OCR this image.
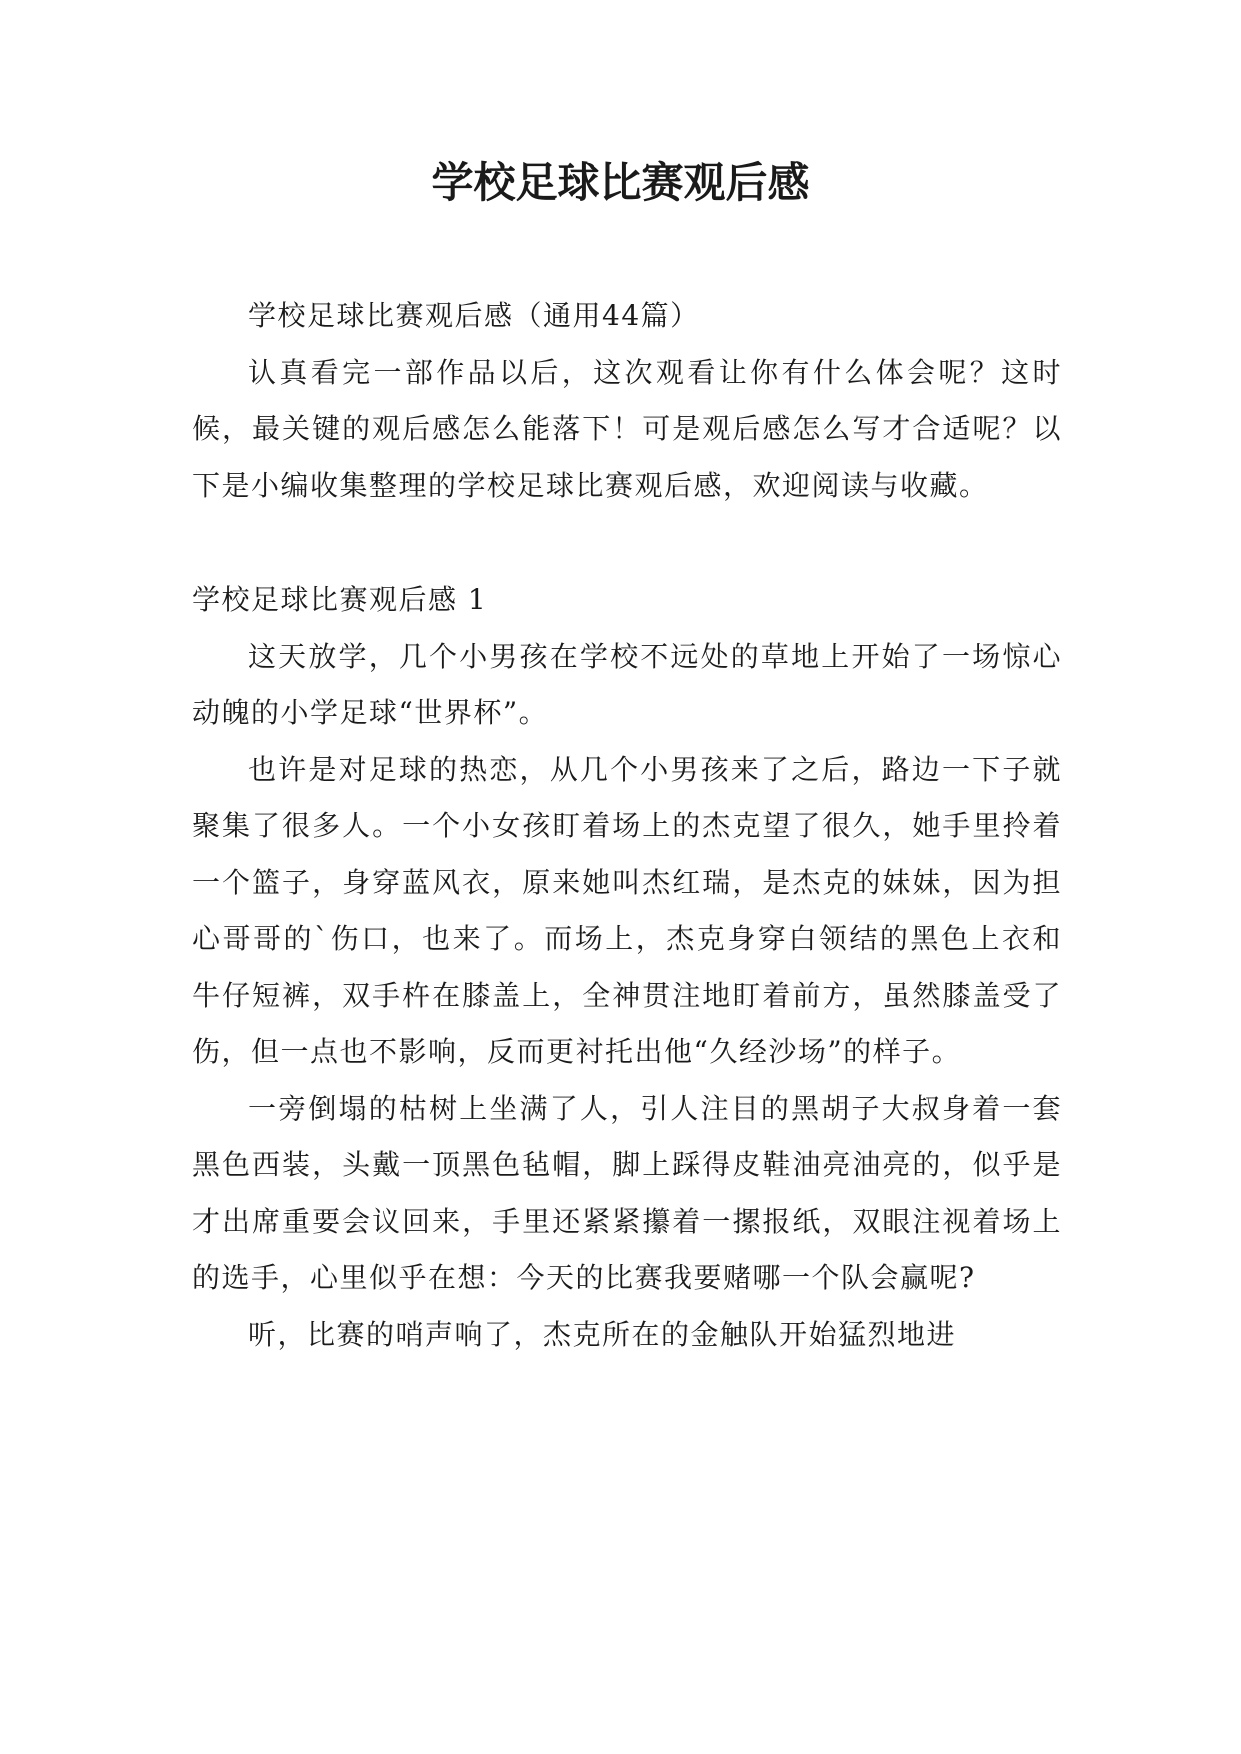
学校足球比赛观后感

学校足球比赛观后感（通用44篇）

认真看完一部作品以后，这次观看让你有什么体会呢？这时候，最关键的观后感怎么能落下！可是观后感怎么写才合适呢？以下是小编收集整理的学校足球比赛观后感，欢迎阅读与收藏。

学校足球比赛观后感 1

这天放学，几个小男孩在学校不远处的草地上开始了一场惊心动魄的小学足球“世界杯”。

也许是对足球的热恋，从几个小男孩来了之后，路边一下子就聚集了很多人。一个小女孩盯着场上的杰克望了很久，她手里拎着一个篮子，身穿蓝风衣，原来她叫杰红瑞，是杰克的妹妹，因为担心哥哥的`伤口，也来了。而场上，杰克身穿白领结的黑色上衣和牛仔短裤，双手杵在膝盖上，全神贯注地盯着前方，虽然膝盖受了伤，但一点也不影响，反而更衬托出他“久经沙场”的样子。

一旁倒塌的枯树上坐满了人，引人注目的黑胡子大叔身着一套黑色西装，头戴一顶黑色毡帽，脚上踩得皮鞋油亮油亮的，似乎是才出席重要会议回来，手里还紧紧攥着一摞报纸，双眼注视着场上的选手，心里似乎在想：今天的比赛我要赌哪一个队会赢呢?

听，比赛的哨声响了，杰克所在的金触队开始猛烈地进
